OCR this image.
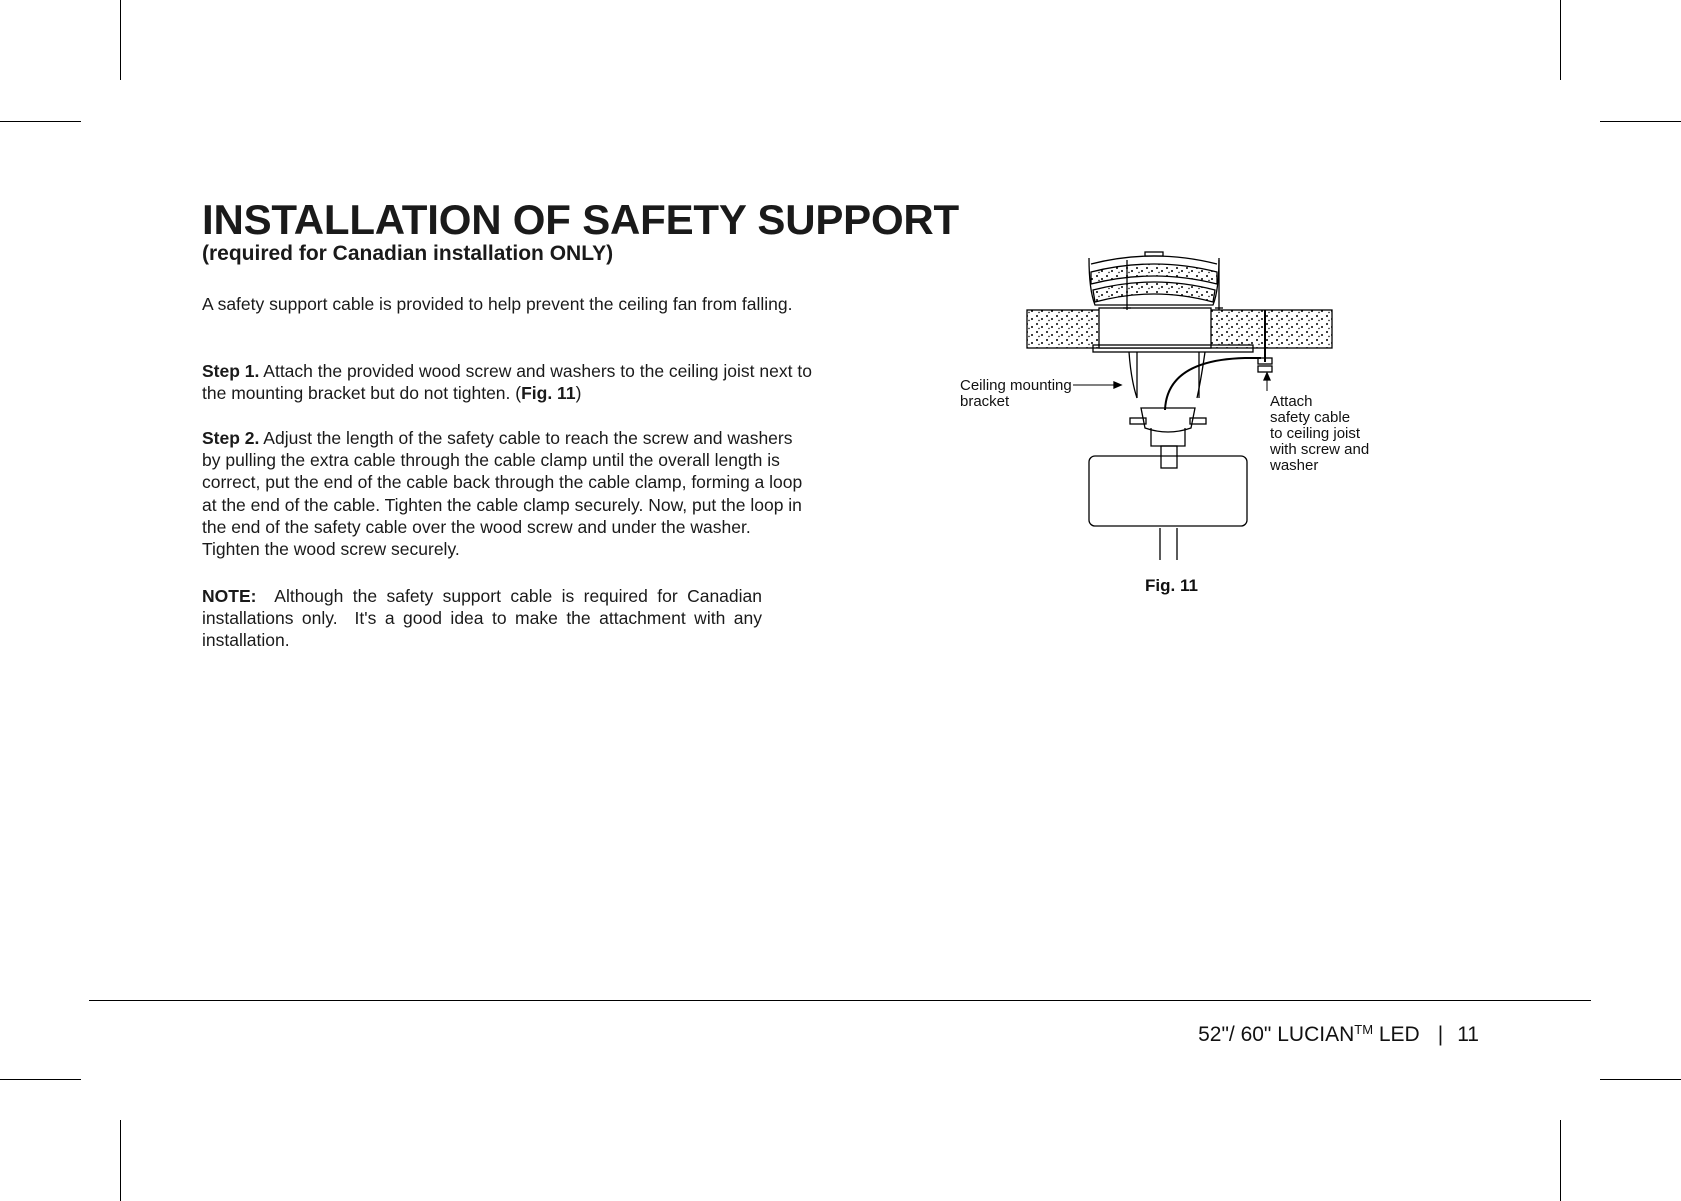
INSTALLATION OF SAFETY SUPPORT
(required for Canadian installation ONLY)

A safety support cable is provided to help prevent the ceiling fan from falling.

Step 1. Attach the provided wood screw and washers to the ceiling joist next to the mounting bracket but do not tighten. (Fig. 11)

Step 2. Adjust the length of the safety cable to reach the screw and washers by pulling the extra cable through the cable clamp until the overall length is correct, put the end of the cable back through the cable clamp, forming a loop at the end of the cable. Tighten the cable clamp securely. Now, put the loop in the end of the safety cable over the wood screw and under the washer. Tighten the wood screw securely.

NOTE:  Although the safety support cable is required for Canadian installations only.  It's a good idea to make the attachment with any installation.

Ceiling mounting
bracket	Attach
safety cable
to ceiling joist
with screw and
washer
Fig. 11
52"/ 60" LUCIAN™ LED | 11
